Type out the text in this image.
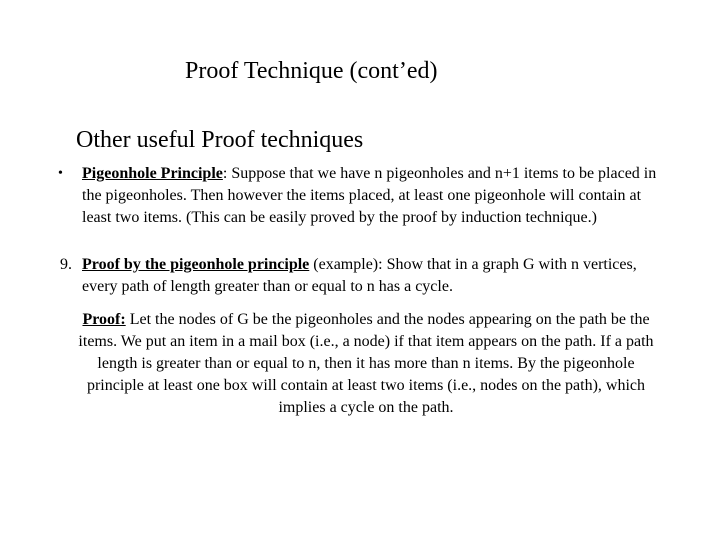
Proof Technique (cont’ed)
Other useful Proof techniques
• Pigeonhole Principle: Suppose that we have n pigeonholes and n+1 items to be placed in the pigeonholes. Then however the items placed, at least one pigeonhole will contain at least two items. (This can be easily proved by the proof by induction technique.)
9. Proof by the pigeonhole principle (example): Show that in a graph G with n vertices, every path of length greater than or equal to n has a cycle.
Proof: Let the nodes of G be the pigeonholes and the nodes appearing on the path be the items. We put an item in a mail box (i.e., a node) if that item appears on the path. If a path length is greater than or equal to n, then it has more than n items. By the pigeonhole principle at least one box will contain at least two items (i.e., nodes on the path), which implies a cycle on the path.
